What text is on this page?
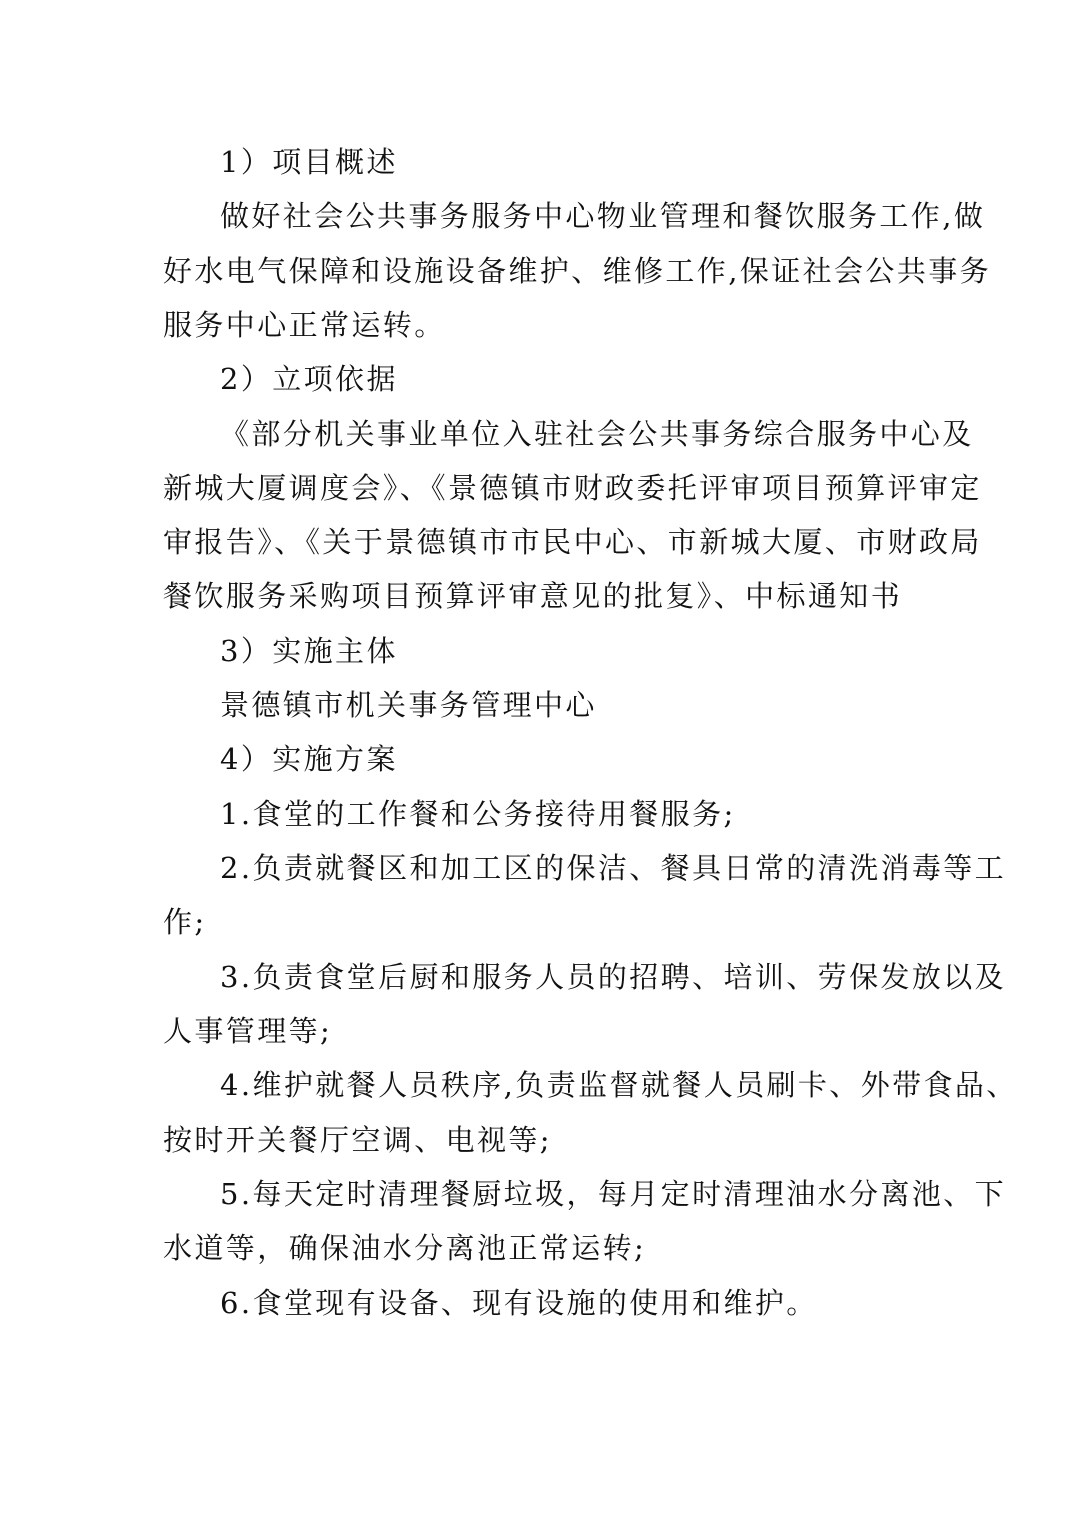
1）项目概述
做好社会公共事务服务中心物业管理和餐饮服务工作,做
好水电气保障和设施设备维护、维修工作,保证社会公共事务
服务中心正常运转。
2）立项依据
《部分机关事业单位入驻社会公共事务综合服务中心及
新城大厦调度会》、《景德镇市财政委托评审项目预算评审定
审报告》、《关于景德镇市市民中心、市新城大厦、市财政局
餐饮服务采购项目预算评审意见的批复》、中标通知书
3）实施主体
景德镇市机关事务管理中心
4）实施方案
1.食堂的工作餐和公务接待用餐服务;
2.负责就餐区和加工区的保洁、餐具日常的清洗消毒等工
作;
3.负责食堂后厨和服务人员的招聘、培训、劳保发放以及
人事管理等;
4.维护就餐人员秩序,负责监督就餐人员刷卡、外带食品、
按时开关餐厅空调、电视等;
5.每天定时清理餐厨垃圾，每月定时清理油水分离池、下
水道等，确保油水分离池正常运转;
6.食堂现有设备、现有设施的使用和维护。
